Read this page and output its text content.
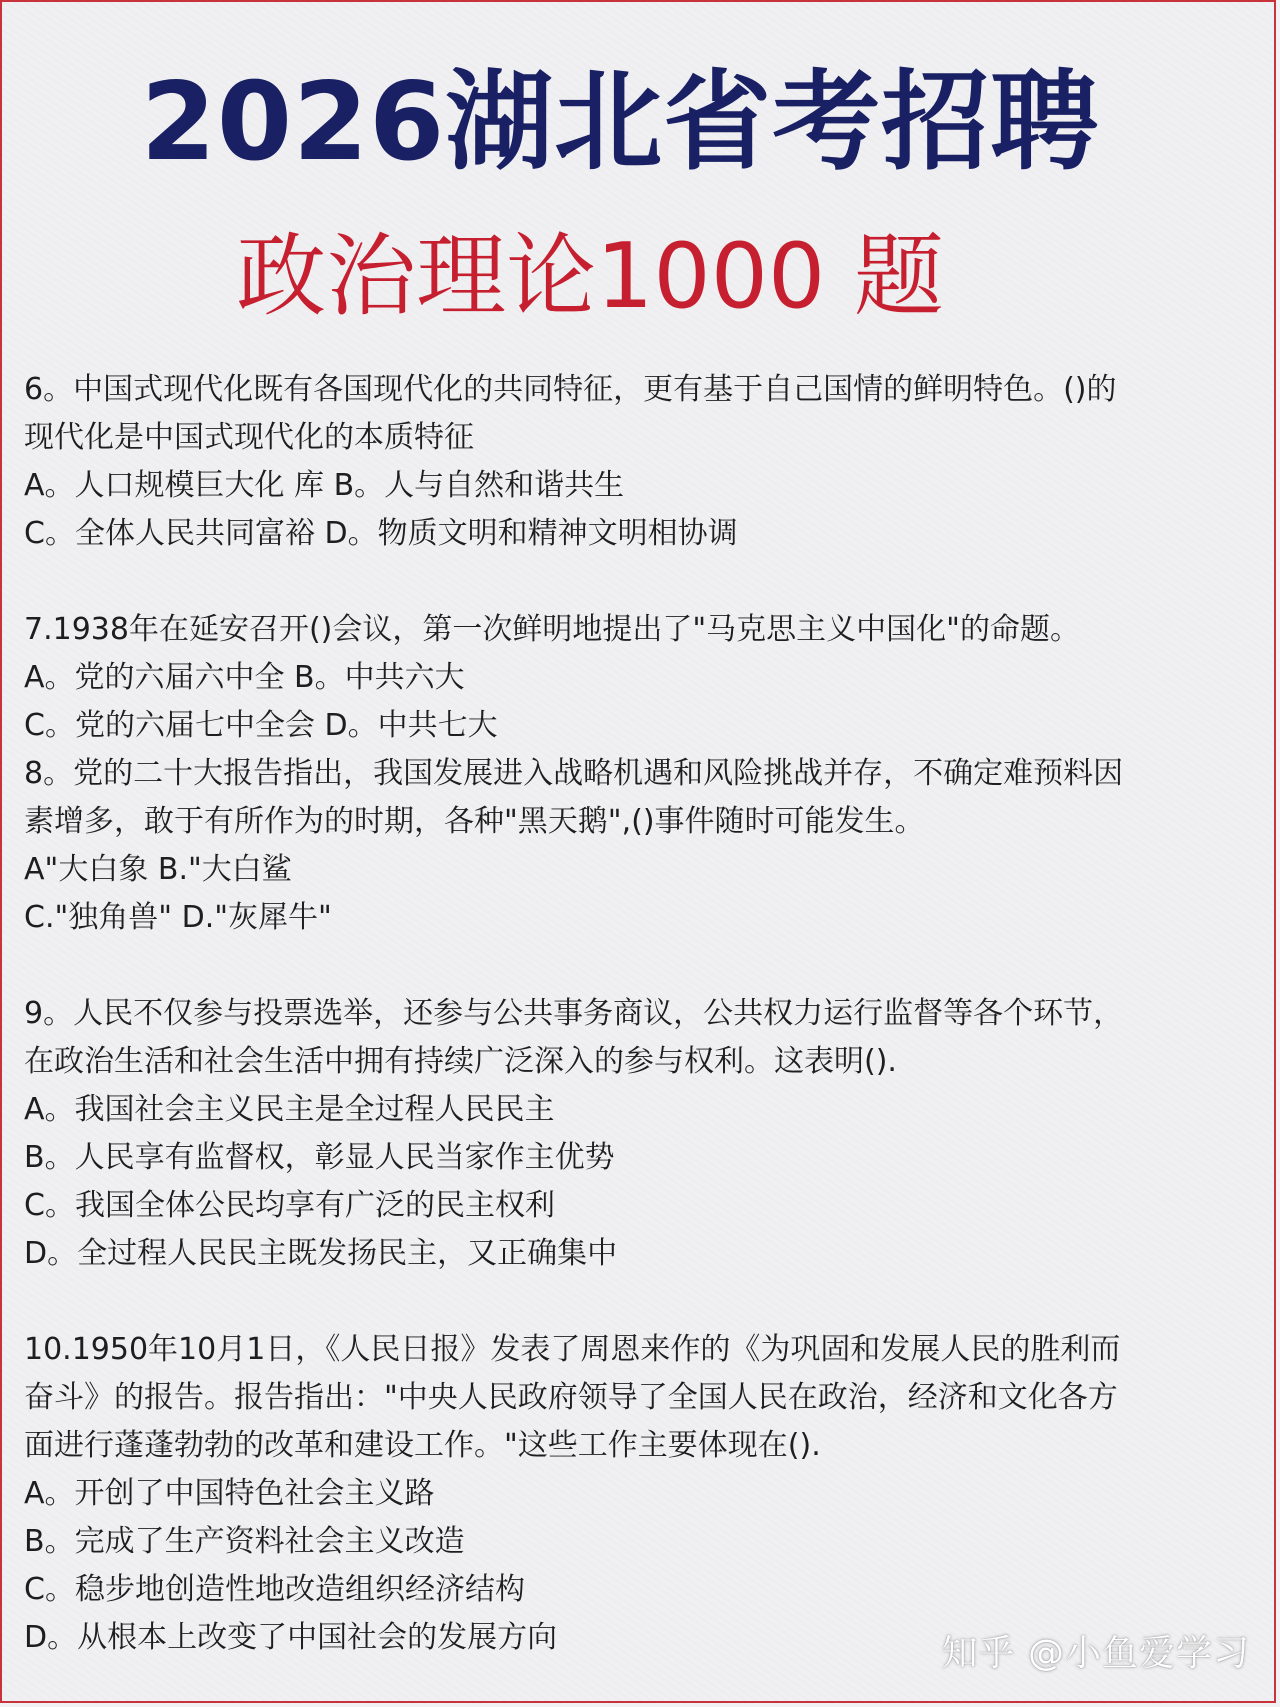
2026湖北省考招聘
政治理论1000 题
6。中国式现代化既有各国现代化的共同特征，更有基于自己国情的鲜明特色。()的
现代化是中国式现代化的本质特征
A。人口规模巨大化 库 B。人与自然和谐共生
C。全体人民共同富裕 D。物质文明和精神文明相协调
7.1938年在延安召开()会议，第一次鲜明地提出了"马克思主义中国化"的命题。
A。党的六届六中全 B。中共六大
C。党的六届七中全会 D。中共七大
8。党的二十大报告指出，我国发展进入战略机遇和风险挑战并存，不确定难预料因
素增多，敢于有所作为的时期，各种"黑天鹅",()事件随时可能发生。
A"大白象 B."大白鲨
C."独角兽" D."灰犀牛"
9。人民不仅参与投票选举，还参与公共事务商议，公共权力运行监督等各个环节，
在政治生活和社会生活中拥有持续广泛深入的参与权利。这表明().
A。我国社会主义民主是全过程人民民主
B。人民享有监督权，彰显人民当家作主优势
C。我国全体公民均享有广泛的民主权利
D。全过程人民民主既发扬民主，又正确集中
10.1950年10月1日，《人民日报》发表了周恩来作的《为巩固和发展人民的胜利而
奋斗》的报告。报告指出："中央人民政府领导了全国人民在政治，经济和文化各方
面进行蓬蓬勃勃的改革和建设工作。"这些工作主要体现在().
A。开创了中国特色社会主义路
B。完成了生产资料社会主义改造
C。稳步地创造性地改造组织经济结构
D。从根本上改变了中国社会的发展方向	知乎 @小鱼爱学习
